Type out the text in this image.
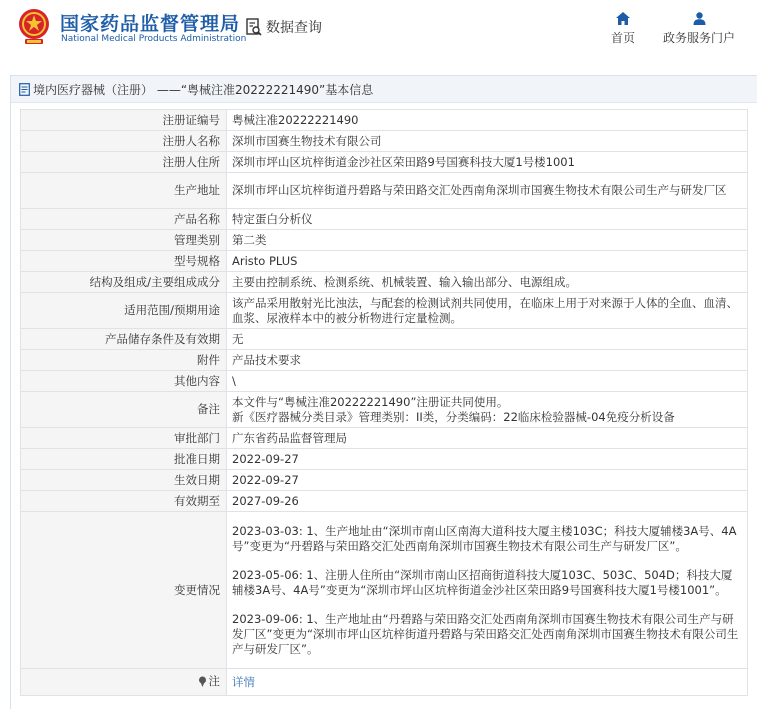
国家药品监督管理局
National Medical Products Administration
数据查询
首页 政务服务门户
境内医疗器械（注册） ——“粤械注准20222221490”基本信息
注册证编号	粤械注准20222221490
注册人名称	深圳市国赛生物技术有限公司
注册人住所	深圳市坪山区坑梓街道金沙社区荣田路9号国赛科技大厦1号楼1001
生产地址	深圳市坪山区坑梓街道丹碧路与荣田路交汇处西南角深圳市国赛生物技术有限公司生产与研发厂区
产品名称	特定蛋白分析仪
管理类别	第二类
型号规格	Aristo PLUS
结构及组成/主要组成成分	主要由控制系统、检测系统、机械装置、输入输出部分、电源组成。
适用范围/预期用途	该产品采用散射光比浊法，与配套的检测试剂共同使用，在临床上用于对来源于人体的全血、血清、血浆、尿液样本中的被分析物进行定量检测。
产品储存条件及有效期	无
附件	产品技术要求
其他内容	\
备注	本文件与“粤械注准20222221490”注册证共同使用。
新《医疗器械分类目录》管理类别：II类，分类编码：22临床检验器械-04免疫分析设备

审批部门	广东省药品监督管理局
批准日期	2022-09-27
生效日期	2022-09-27
有效期至	2027-09-26
变更情况	2023-03-03: 1、生产地址由“深圳市南山区南海大道科技大厦主楼103C；科技大厦辅楼3A号、4A号”变更为“丹碧路与荣田路交汇处西南角深圳市国赛生物技术有限公司生产与研发厂区”。

2023-05-06: 1、注册人住所由“深圳市南山区招商街道科技大厦103C、503C、504D；科技大厦辅楼3A号、4A号”变更为“深圳市坪山区坑梓街道金沙社区荣田路9号国赛科技大厦1号楼1001”。

2023-09-06: 1、生产地址由“丹碧路与荣田路交汇处西南角深圳市国赛生物技术有限公司生产与研发厂区”变更为“深圳市坪山区坑梓街道丹碧路与荣田路交汇处西南角深圳市国赛生物技术有限公司生产与研发厂区”。

注	详情
